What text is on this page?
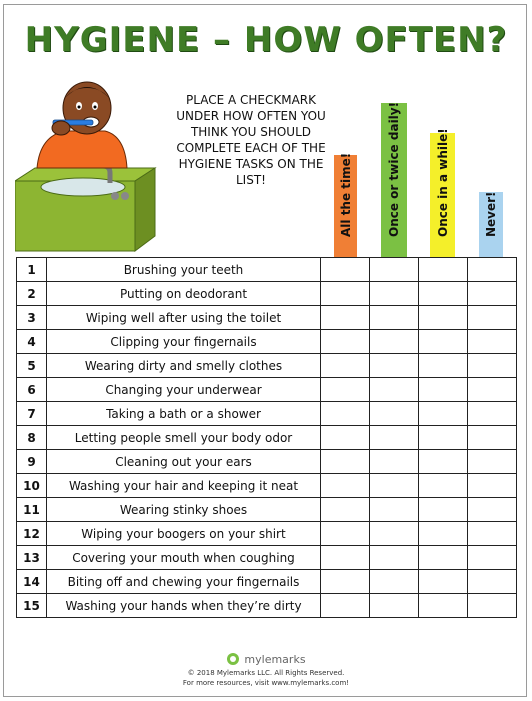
HYGIENE – HOW OFTEN?
PLACE A CHECKMARK UNDER HOW OFTEN YOU THINK YOU SHOULD COMPLETE EACH OF THE HYGIENE TASKS ON THE LIST!	All the time!	Once or twice daily!	Once in a while!	Never!
1	Brushing your teeth				
2	Putting on deodorant				
3	Wiping well after using the toilet				
4	Clipping your fingernails				
5	Wearing dirty and smelly clothes				
6	Changing your underwear				
7	Taking a bath or a shower				
8	Letting people smell your body odor				
9	Cleaning out your ears				
10	Washing your hair and keeping it neat				
11	Wearing stinky shoes				
12	Wiping your boogers on your shirt				
13	Covering your mouth when coughing				
14	Biting off and chewing your fingernails				
15	Washing your hands when they’re dirty				
mylemarks
© 2018 Mylemarks LLC. All Rights Reserved.
For more resources, visit www.mylemarks.com!
